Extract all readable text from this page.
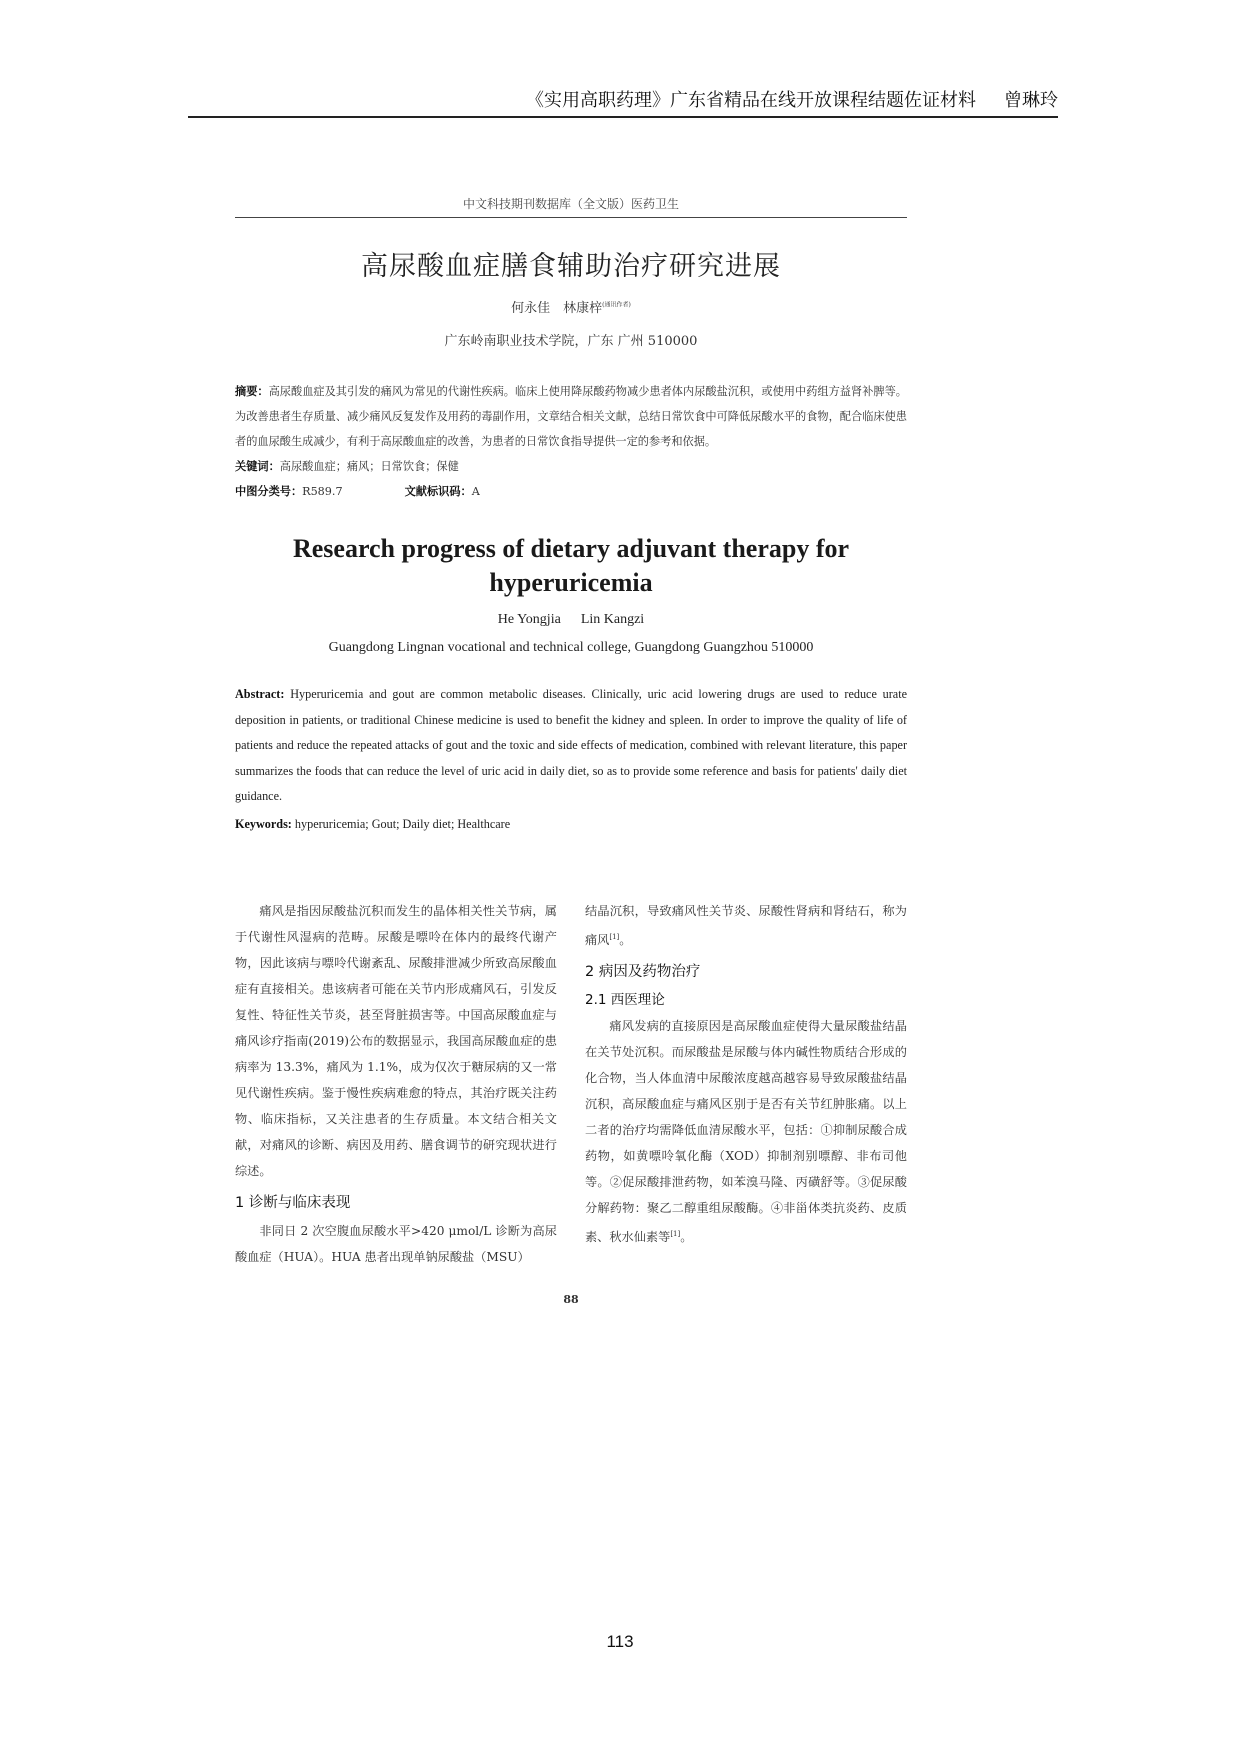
《实用高职药理》广东省精品在线开放课程结题佐证材料 曾琳玲
中文科技期刊数据库（全文版）医药卫生
高尿酸血症膳食辅助治疗研究进展
何永佳　林康梓$^{(通讯作者)}$
广东岭南职业技术学院，广东 广州 510000
摘要：高尿酸血症及其引发的痛风为常见的代谢性疾病。临床上使用降尿酸药物减少患者体内尿酸盐沉积，或使用中药组方益肾补脾等。为改善患者生存质量、减少痛风反复发作及用药的毒副作用，文章结合相关文献，总结日常饮食中可降低尿酸水平的食物，配合临床使患者的血尿酸生成减少，有利于高尿酸血症的改善，为患者的日常饮食指导提供一定的参考和依据。
关键词：高尿酸血症；痛风；日常饮食；保健
中图分类号：R589.7	文献标识码：A
Research progress of dietary adjuvant therapy for
hyperuricemia
He Yongjia Lin Kangzi
Guangdong Lingnan vocational and technical college, Guangdong Guangzhou 510000
Abstract: Hyperuricemia and gout are common metabolic diseases. Clinically, uric acid lowering drugs are used to reduce urate deposition in patients, or traditional Chinese medicine is used to benefit the kidney and spleen. In order to improve the quality of life of patients and reduce the repeated attacks of gout and the toxic and side effects of medication, combined with relevant literature, this paper summarizes the foods that can reduce the level of uric acid in daily diet, so as to provide some reference and basis for patients' daily diet guidance.
Keywords: hyperuricemia; Gout; Daily diet; Healthcare

痛风是指因尿酸盐沉积而发生的晶体相关性关节病，属于代谢性风湿病的范畴。尿酸是嘌呤在体内的最终代谢产物，因此该病与嘌呤代谢紊乱、尿酸排泄减少所致高尿酸血症有直接相关。患该病者可能在关节内形成痛风石，引发反复性、特征性关节炎，甚至肾脏损害等。中国高尿酸血症与痛风诊疗指南(2019)公布的数据显示，我国高尿酸血症的患病率为 13.3%，痛风为 1.1%，成为仅次于糖尿病的又一常见代谢性疾病。鉴于慢性疾病难愈的特点，其治疗既关注药物、临床指标，又关注患者的生存质量。本文结合相关文献，对痛风的诊断、病因及用药、膳食调节的研究现状进行综述。

1 诊断与临床表现

非同日 2 次空腹血尿酸水平>420 μmol/L 诊断为高尿酸血症（HUA）。HUA 患者出现单钠尿酸盐（MSU）

结晶沉积，导致痛风性关节炎、尿酸性肾病和肾结石，称为痛风[1]。

2 病因及药物治疗
2.1 西医理论

痛风发病的直接原因是高尿酸血症使得大量尿酸盐结晶在关节处沉积。而尿酸盐是尿酸与体内碱性物质结合形成的化合物，当人体血清中尿酸浓度越高越容易导致尿酸盐结晶沉积，高尿酸血症与痛风区别于是否有关节红肿胀痛。以上二者的治疗均需降低血清尿酸水平，包括：①抑制尿酸合成药物，如黄嘌呤氧化酶（XOD）抑制剂别嘌醇、非布司他等。②促尿酸排泄药物，如苯溴马隆、丙磺舒等。③促尿酸分解药物：聚乙二醇重组尿酸酶。④非甾体类抗炎药、皮质素、秋水仙素等[1]。

88
113
